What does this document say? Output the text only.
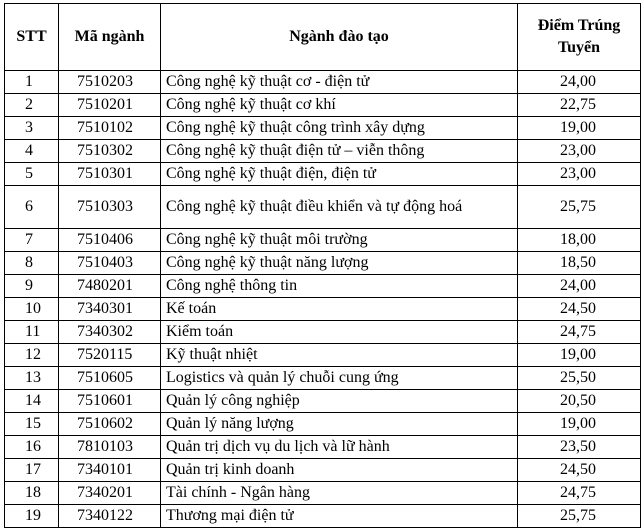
STT	Mã ngành	Ngành đào tạo	Điểm Trúng Tuyển
1	7510203	Công nghệ kỹ thuật cơ - điện tử	24,00
2	7510201	Công nghệ kỹ thuật cơ khí	22,75
3	7510102	Công nghệ kỹ thuật công trình xây dựng	19,00
4	7510302	Công nghệ kỹ thuật điện tử – viễn thông	23,00
5	7510301	Công nghệ kỹ thuật điện, điện tử	23,00
6	7510303	Công nghệ kỹ thuật điều khiển và tự động hoá	25,75
7	7510406	Công nghệ kỹ thuật môi trường	18,00
8	7510403	Công nghệ kỹ thuật năng lượng	18,50
9	7480201	Công nghệ thông tin	24,00
10	7340301	Kế toán	24,50
11	7340302	Kiểm toán	24,75
12	7520115	Kỹ thuật nhiệt	19,00
13	7510605	Logistics và quản lý chuỗi cung ứng	25,50
14	7510601	Quản lý công nghiệp	20,50
15	7510602	Quản lý năng lượng	19,00
16	7810103	Quản trị dịch vụ du lịch và lữ hành	23,50
17	7340101	Quản trị kinh doanh	24,50
18	7340201	Tài chính - Ngân hàng	24,75
19	7340122	Thương mại điện tử	25,75
